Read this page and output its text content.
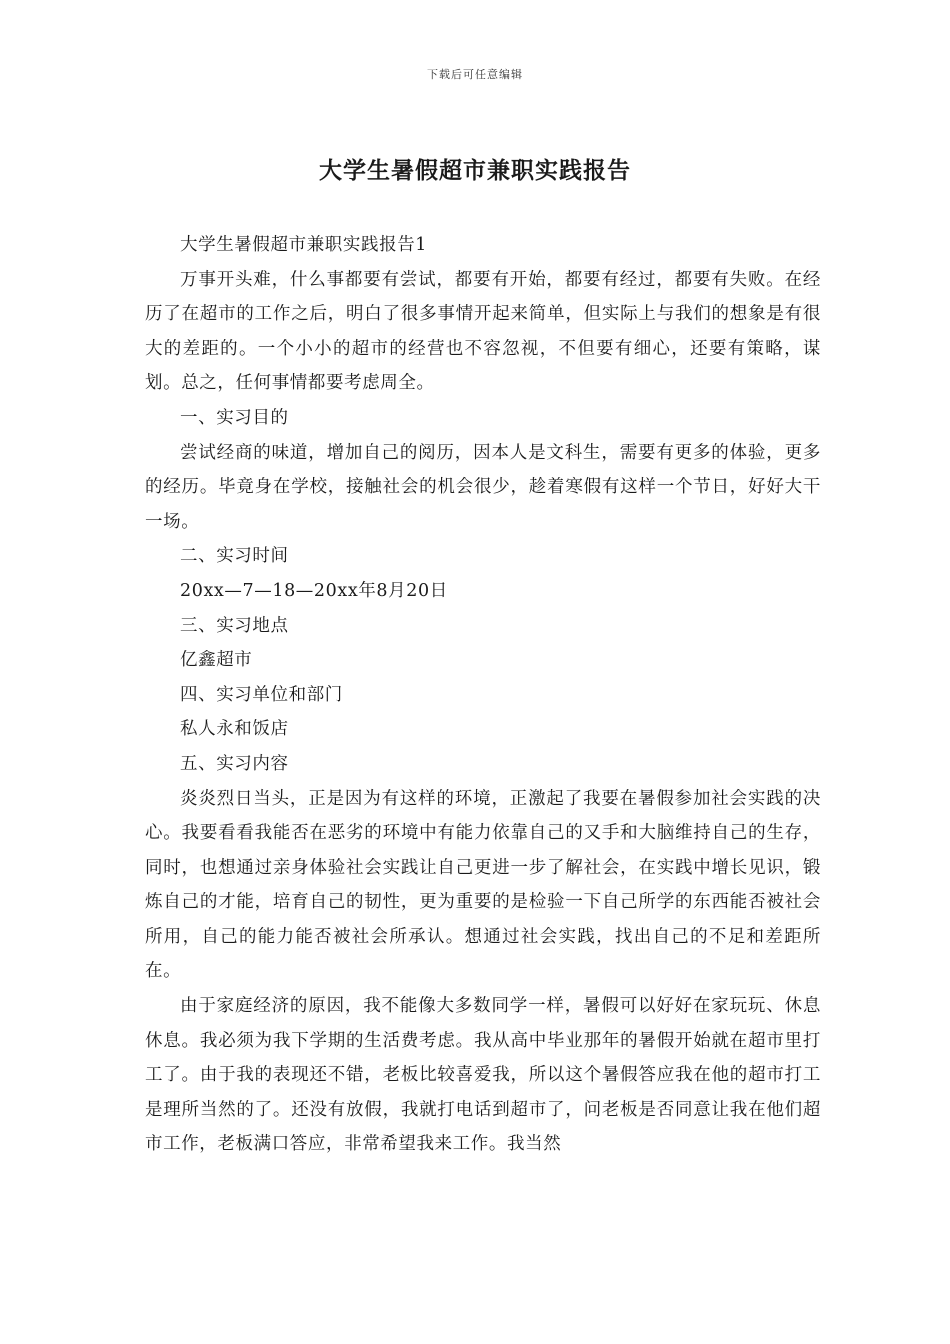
下载后可任意编辑
大学生暑假超市兼职实践报告

大学生暑假超市兼职实践报告1

万事开头难，什么事都要有尝试，都要有开始，都要有经过，都要有失败。在经历了在超市的工作之后，明白了很多事情开起来简单，但实际上与我们的想象是有很大的差距的。一个小小的超市的经营也不容忽视，不但要有细心，还要有策略，谋划。总之，任何事情都要考虑周全。

一、实习目的

尝试经商的味道，增加自己的阅历，因本人是文科生，需要有更多的体验，更多的经历。毕竟身在学校，接触社会的机会很少，趁着寒假有这样一个节日，好好大干一场。

二、实习时间

20xx—7—18—20xx年8月20日

三、实习地点

亿鑫超市

四、实习单位和部门

私人永和饭店

五、实习内容

炎炎烈日当头，正是因为有这样的环境，正激起了我要在暑假参加社会实践的决心。我要看看我能否在恶劣的环境中有能力依靠自己的又手和大脑维持自己的生存，同时，也想通过亲身体验社会实践让自己更进一步了解社会，在实践中增长见识，锻炼自己的才能，培育自己的韧性，更为重要的是检验一下自己所学的东西能否被社会所用，自己的能力能否被社会所承认。想通过社会实践，找出自己的不足和差距所在。

由于家庭经济的原因，我不能像大多数同学一样，暑假可以好好在家玩玩、休息休息。我必须为我下学期的生活费考虑。我从高中毕业那年的暑假开始就在超市里打工了。由于我的表现还不错，老板比较喜爱我，所以这个暑假答应我在他的超市打工是理所当然的了。还没有放假，我就打电话到超市了，问老板是否同意让我在他们超市工作，老板满口答应，非常希望我来工作。我当然
